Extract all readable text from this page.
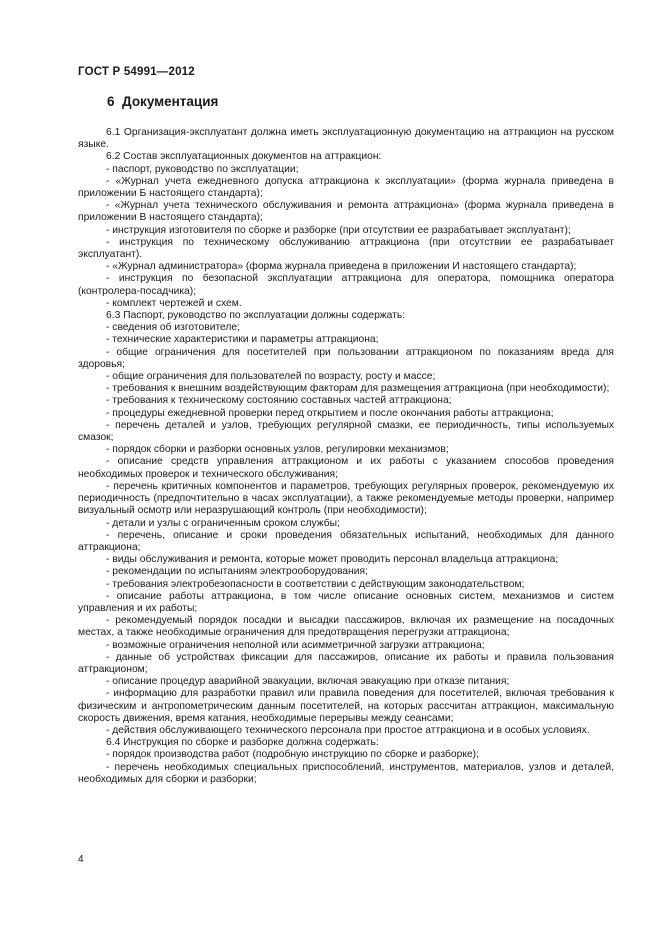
ГОСТ Р 54991—2012
6 Документация

6.1 Организация-эксплуатант должна иметь эксплуатационную документацию на аттракцион на русском языке.

6.2 Состав эксплуатационных документов на аттракцион:

- паспорт, руководство по эксплуатации;

- «Журнал учета ежедневного допуска аттракциона к эксплуатации» (форма журнала приведена в приложении Б настоящего стандарта);

- «Журнал учета технического обслуживания и ремонта аттракциона» (форма журнала приведена в приложении В настоящего стандарта);

- инструкция изготовителя по сборке и разборке (при отсутствии ее разрабатывает эксплуатант);

- инструкция по техническому обслуживанию аттракциона (при отсутствии ее разрабатывает эксплуатант).

- «Журнал администратора» (форма журнала приведена в приложении И настоящего стандарта);

- инструкция по безопасной эксплуатации аттракциона для оператора, помощника оператора (контролера-посадчика);

- комплект чертежей и схем.

6.3 Паспорт, руководство по эксплуатации должны содержать:

- сведения об изготовителе;

- технические характеристики и параметры аттракциона;

- общие ограничения для посетителей при пользовании аттракционом по показаниям вреда для здоровья;

- общие ограничения для пользователей по возрасту, росту и массе;

- требования к внешним воздействующим факторам для размещения аттракциона (при необходимости);

- требования к техническому состоянию составных частей аттракциона;

- процедуры ежедневной проверки перед открытием и после окончания работы аттракциона;

- перечень деталей и узлов, требующих регулярной смазки, ее периодичность, типы используемых смазок;

- порядок сборки и разборки основных узлов, регулировки механизмов;

- описание средств управления аттракционом и их работы с указанием способов проведения необходимых проверок и технического обслуживания;

- перечень критичных компонентов и параметров, требующих регулярных проверок, рекомендуемую их периодичность (предпочтительно в часах эксплуатации), а также рекомендуемые методы проверки, например визуальный осмотр или неразрушающий контроль (при необходимости);

- детали и узлы с ограниченным сроком службы;

- перечень, описание и сроки проведения обязательных испытаний, необходимых для данного аттракциона;

- виды обслуживания и ремонта, которые может проводить персонал владельца аттракциона;

- рекомендации по испытаниям электрооборудования;

- требования электробезопасности в соответствии с действующим законодательством;

- описание работы аттракциона, в том числе описание основных систем, механизмов и систем управления и их работы;

- рекомендуемый порядок посадки и высадки пассажиров, включая их размещение на посадочных местах, а также необходимые ограничения для предотвращения перегрузки аттракциона;

- возможные ограничения неполной или асимметричной загрузки аттракциона;

- данные об устройствах фиксации для пассажиров, описание их работы и правила пользования аттракционом;

- описание процедур аварийной эвакуации, включая эвакуацию при отказе питания;

- информацию для разработки правил или правила поведения для посетителей, включая требования к физическим и антропометрическим данным посетителей, на которых рассчитан аттракцион, максимальную скорость движения, время катания, необходимые перерывы между сеансами;

- действия обслуживающего технического персонала при простое аттракциона и в особых условиях.

6.4 Инструкция по сборке и разборке должна содержать:

- порядок производства работ (подробную инструкцию по сборке и разборке);

- перечень необходимых специальных приспособлений, инструментов, материалов, узлов и деталей, необходимых для сборки и разборки;

4
